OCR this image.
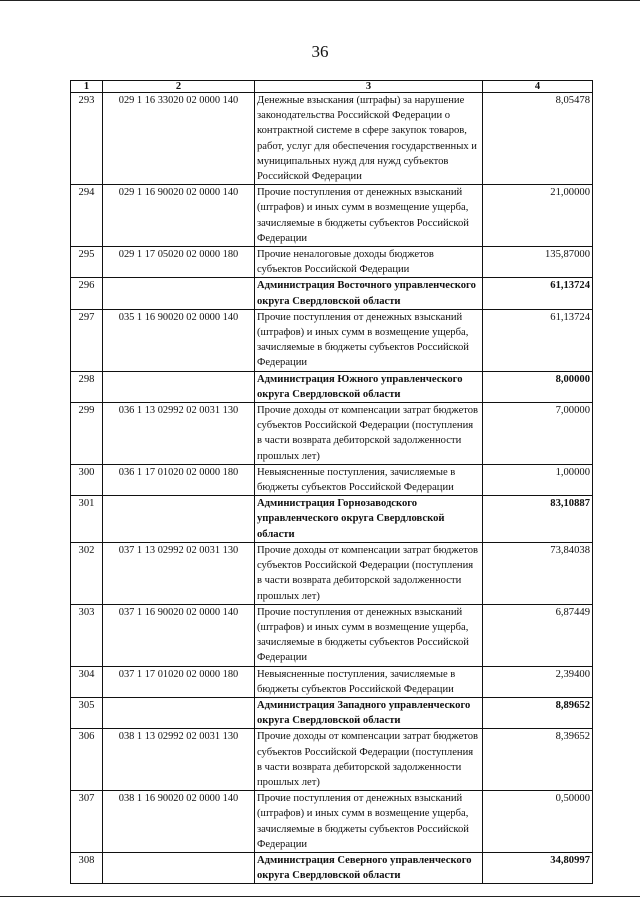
36
1	2	3	4
293	029 1 16 33020 02 0000 140	Денежные взыскания (штрафы) за нарушение законодательства Российской Федерации о контрактной системе в сфере закупок товаров, работ, услуг для обеспечения государственных и муниципальных нужд для нужд субъектов Российской Федерации	8,05478
294	029 1 16 90020 02 0000 140	Прочие поступления от денежных взысканий (штрафов) и иных сумм в возмещение ущерба, зачисляемые в бюджеты субъектов Российской Федерации	21,00000
295	029 1 17 05020 02 0000 180	Прочие неналоговые доходы бюджетов субъектов Российской Федерации	135,87000
296		Администрация Восточного управленческого округа Свердловской области	61,13724
297	035 1 16 90020 02 0000 140	Прочие поступления от денежных взысканий (штрафов) и иных сумм в возмещение ущерба, зачисляемые в бюджеты субъектов Российской Федерации	61,13724
298		Администрация Южного управленческого округа Свердловской области	8,00000
299	036 1 13 02992 02 0031 130	Прочие доходы от компенсации затрат бюджетов субъектов Российской Федерации (поступления в части возврата дебиторской задолженности прошлых лет)	7,00000
300	036 1 17 01020 02 0000 180	Невыясненные поступления, зачисляемые в бюджеты субъектов Российской Федерации	1,00000
301		Администрация Горнозаводского управленческого округа Свердловской области	83,10887
302	037 1 13 02992 02 0031 130	Прочие доходы от компенсации затрат бюджетов субъектов Российской Федерации (поступления в части возврата дебиторской задолженности прошлых лет)	73,84038
303	037 1 16 90020 02 0000 140	Прочие поступления от денежных взысканий (штрафов) и иных сумм в возмещение ущерба, зачисляемые в бюджеты субъектов Российской Федерации	6,87449
304	037 1 17 01020 02 0000 180	Невыясненные поступления, зачисляемые в бюджеты субъектов Российской Федерации	2,39400
305		Администрация Западного управленческого округа Свердловской области	8,89652
306	038 1 13 02992 02 0031 130	Прочие доходы от компенсации затрат бюджетов субъектов Российской Федерации (поступления в части возврата дебиторской задолженности прошлых лет)	8,39652
307	038 1 16 90020 02 0000 140	Прочие поступления от денежных взысканий (штрафов) и иных сумм в возмещение ущерба, зачисляемые в бюджеты субъектов Российской Федерации	0,50000
308		Администрация Северного управленческого округа Свердловской области	34,80997
